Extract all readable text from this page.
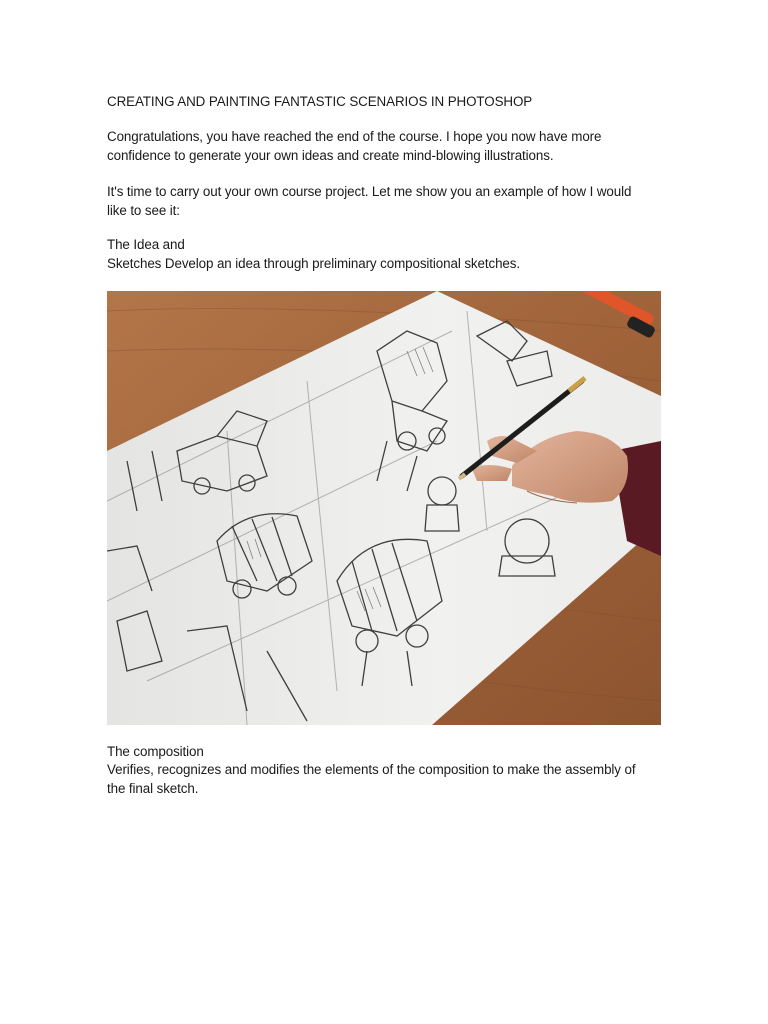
CREATING AND PAINTING FANTASTIC SCENARIOS IN PHOTOSHOP
Congratulations, you have reached the end of the course. I hope you now have more
confidence to generate your own ideas and create mind-blowing illustrations.
It's time to carry out your own course project. Let me show you an example of how I would
like to see it:
The Idea and
Sketches Develop an idea through preliminary compositional sketches.
The composition
Verifies, recognizes and modifies the elements of the composition to make the assembly of
the final sketch.
